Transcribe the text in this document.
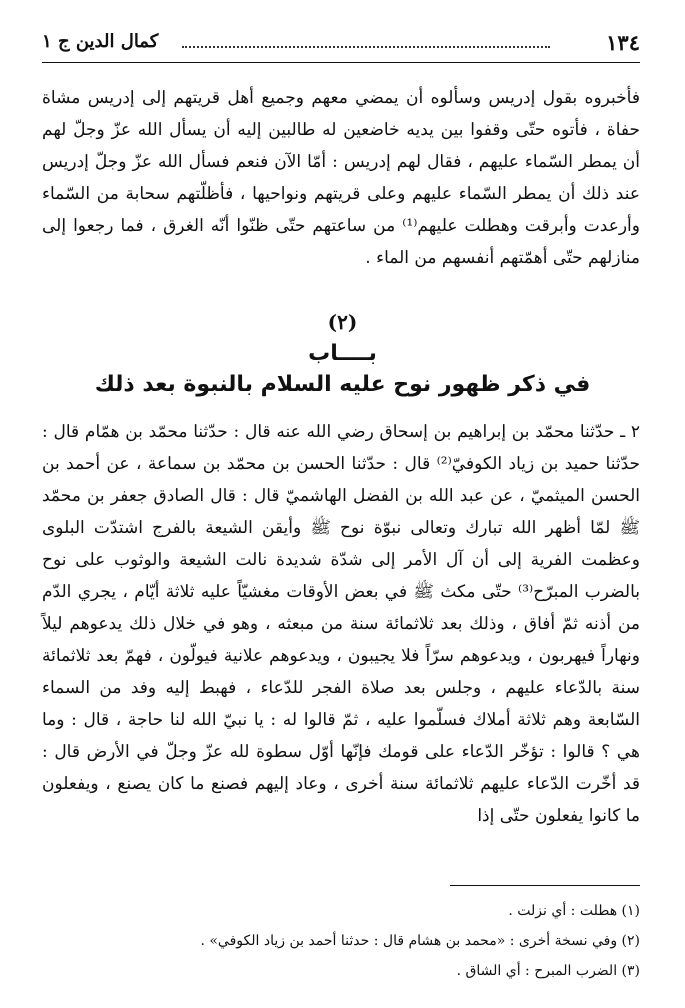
١٣٤
كمال الدين ج ١

فأخبروه بقول إدريس وسألوه أن يمضي معهم وجميع أهل قريتهم إلى إدريس مشاة حفاة ، فأتوه حتّى وقفوا بين يديه خاضعين له طالبين إليه أن يسأل الله عزّ وجلّ لهم أن يمطر السّماء عليهم ، فقال لهم إدريس : أمّا الآن فنعم فسأل الله عزّ وجلّ إدريس عند ذلك أن يمطر السّماء عليهم وعلى قريتهم ونواحيها ، فأظلّتهم سحابة من السّماء وأرعدت وأبرقت وهطلت عليهم⁽¹⁾ من ساعتهم حتّى ظنّوا أنّه الغرق ، فما رجعوا إلى منازلهم حتّى أهمّتهم أنفسهم من الماء .

(٢)
بــــاب
في ذكر ظهور نوح عليه السلام بالنبوة بعد ذلك

٢ ـ حدّثنا محمّد بن إبراهيم بن إسحاق رضي الله عنه قال : حدّثنا محمّد بن همّام قال : حدّثنا حميد بن زياد الكوفيّ⁽²⁾ قال : حدّثنا الحسن بن محمّد بن سماعة ، عن أحمد بن الحسن الميثميّ ، عن عبد الله بن الفضل الهاشميّ قال : قال الصادق جعفر بن محمّد ﷺ لمّا أظهر الله تبارك وتعالى نبوّة نوح ﷺ وأيقن الشيعة بالفرج اشتدّت البلوى وعظمت الفرية إلى أن آل الأمر إلى شدّة شديدة نالت الشيعة والوثوب على نوح بالضرب المبرّح⁽³⁾ حتّى مكث ﷺ في بعض الأوقات مغشيّاً عليه ثلاثة أيّام ، يجري الدّم من أذنه ثمّ أفاق ، وذلك بعد ثلاثمائة سنة من مبعثه ، وهو في خلال ذلك يدعوهم ليلاً ونهاراً فيهربون ، ويدعوهم سرّاً فلا يجيبون ، ويدعوهم علانية فيولّون ، فهمّ بعد ثلاثمائة سنة بالدّعاء عليهم ، وجلس بعد صلاة الفجر للدّعاء ، فهبط إليه وفد من السماء السّابعة وهم ثلاثة أملاك فسلّموا عليه ، ثمّ قالوا له : يا نبيّ الله لنا حاجة ، قال : وما هي ؟ قالوا : تؤخّر الدّعاء على قومك فإنّها أوّل سطوة لله عزّ وجلّ في الأرض قال : قد أخّرت الدّعاء عليهم ثلاثمائة سنة أخرى ، وعاد إليهم فصنع ما كان يصنع ، ويفعلون ما كانوا يفعلون حتّى إذا

(١) هطلت : أي نزلت .
(٢) وفي نسخة أخرى : «محمد بن هشام قال : حدثنا أحمد بن زياد الكوفي» .
(٣) الضرب المبرح : أي الشاق .
